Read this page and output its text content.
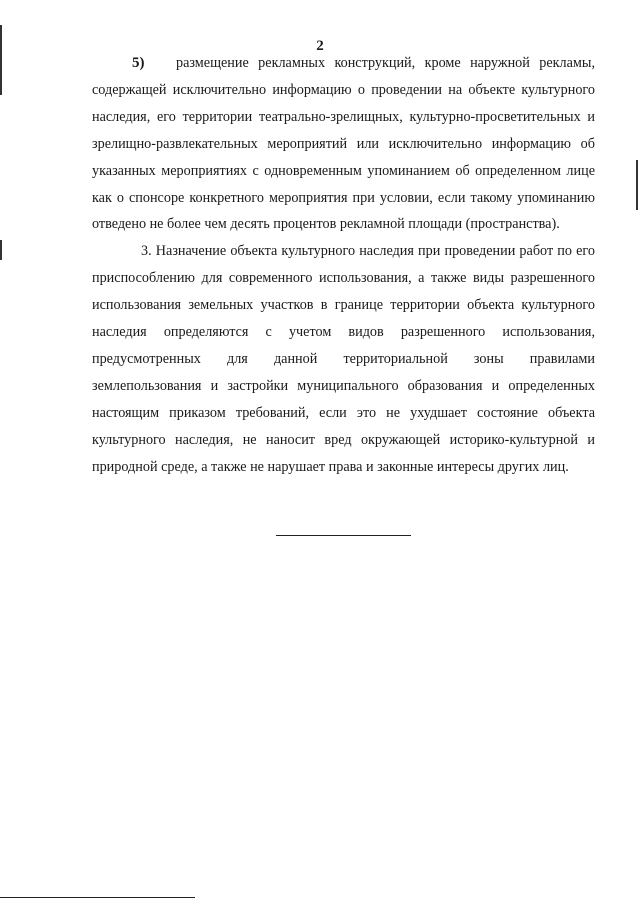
2

5) размещение рекламных конструкций, кроме наружной рекламы, содержащей исключительно информацию о проведении на объекте культурного наследия, его территории театрально-зрелищных, культурно-просветительных и зрелищно-развлекательных мероприятий или исключительно информацию об указанных мероприятиях с одновременным упоминанием об определенном лице как о спонсоре конкретного мероприятия при условии, если такому упоминанию отведено не более чем десять процентов рекламной площади (пространства).

3. Назначение объекта культурного наследия при проведении работ по его приспособлению для современного использования, а также виды разрешенного использования земельных участков в границе территории объекта культурного наследия определяются с учетом видов разрешенного использования, предусмотренных для данной территориальной зоны правилами землепользования и застройки муниципального образования и определенных настоящим приказом требований, если это не ухудшает состояние объекта культурного наследия, не наносит вред окружающей историко-культурной и природной среде, а также не нарушает права и законные интересы других лиц.
